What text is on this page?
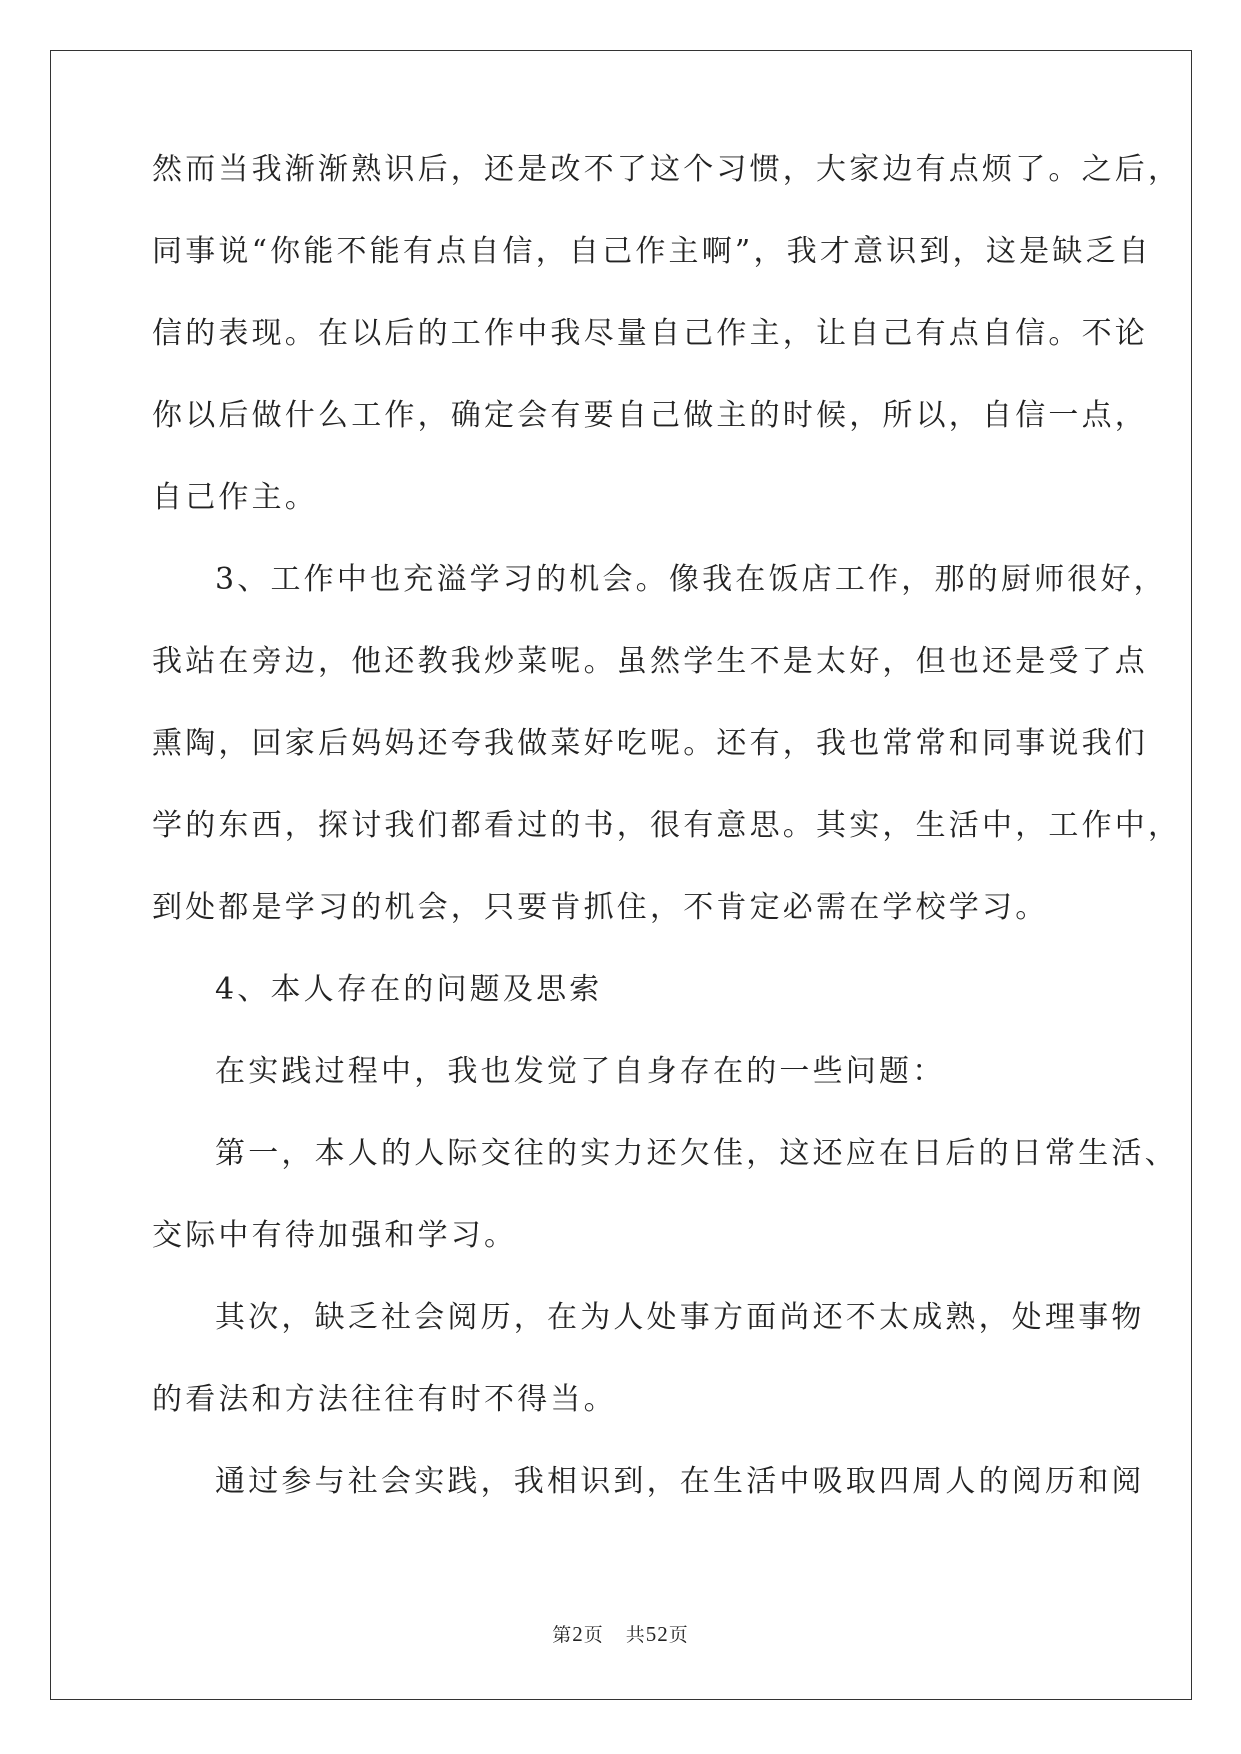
然而当我渐渐熟识后，还是改不了这个习惯，大家边有点烦了。之后，
同事说“你能不能有点自信，自己作主啊”，我才意识到，这是缺乏自
信的表现。在以后的工作中我尽量自己作主，让自己有点自信。不论
你以后做什么工作，确定会有要自己做主的时候，所以，自信一点，
自己作主。
3、工作中也充溢学习的机会。像我在饭店工作，那的厨师很好，
我站在旁边，他还教我炒菜呢。虽然学生不是太好，但也还是受了点
熏陶，回家后妈妈还夸我做菜好吃呢。还有，我也常常和同事说我们
学的东西，探讨我们都看过的书，很有意思。其实，生活中，工作中，
到处都是学习的机会，只要肯抓住，不肯定必需在学校学习。
4、本人存在的问题及思索
在实践过程中，我也发觉了自身存在的一些问题：
第一，本人的人际交往的实力还欠佳，这还应在日后的日常生活、
交际中有待加强和学习。
其次，缺乏社会阅历，在为人处事方面尚还不太成熟，处理事物
的看法和方法往往有时不得当。
通过参与社会实践，我相识到，在生活中吸取四周人的阅历和阅
第2页 共52页
